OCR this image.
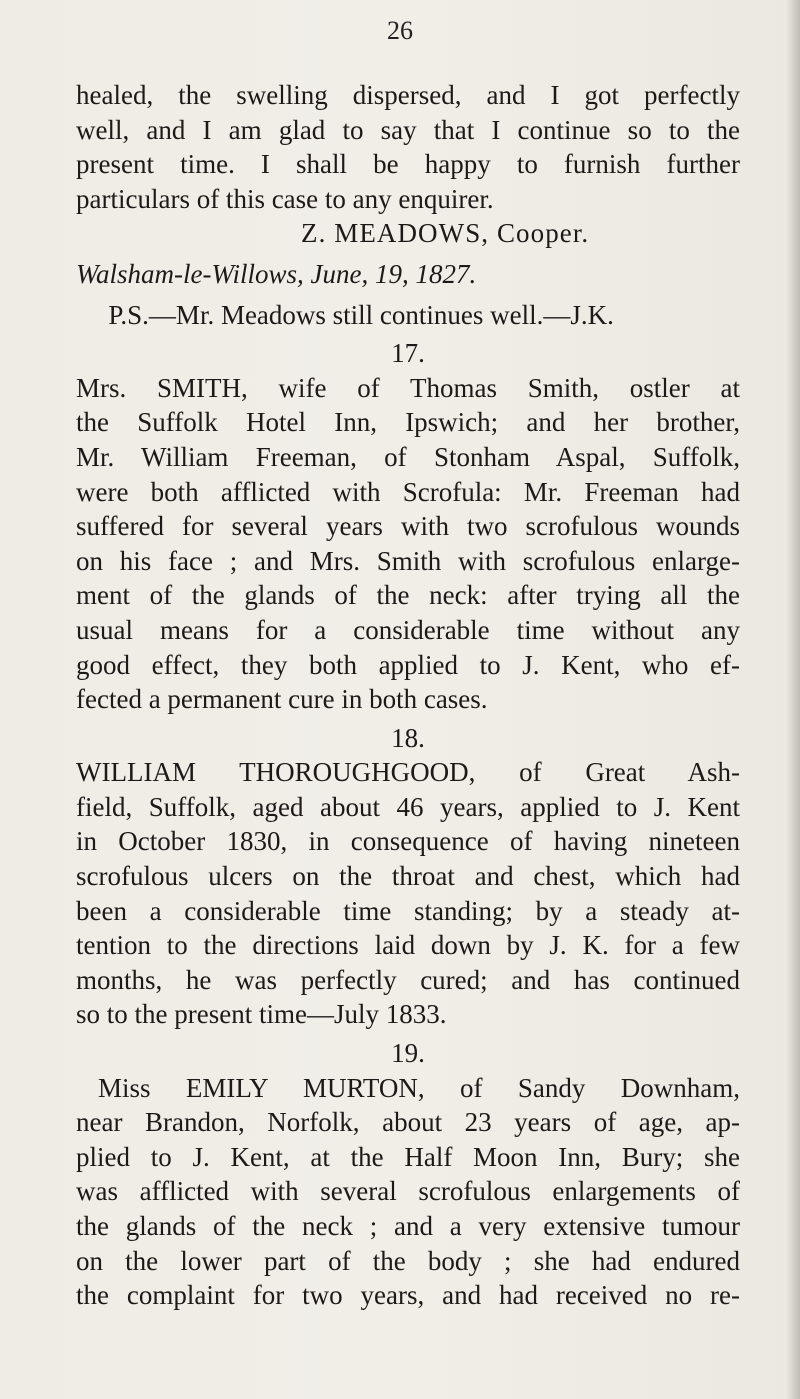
26
healed, the swelling dispersed, and I got perfectly
well, and I am glad to say that I continue so to the
present time. I shall be happy to furnish further
particulars of this case to any enquirer.
Z. MEADOWS, Cooper.
Walsham-le-Willows, June, 19, 1827.
P.S.—Mr. Meadows still continues well.—J.K.
17.
Mrs. SMITH, wife of Thomas Smith, ostler at
the Suffolk Hotel Inn, Ipswich; and her brother,
Mr. William Freeman, of Stonham Aspal, Suffolk,
were both afflicted with Scrofula: Mr. Freeman had
suffered for several years with two scrofulous wounds
on his face ; and Mrs. Smith with scrofulous enlarge-
ment of the glands of the neck: after trying all the
usual means for a considerable time without any
good effect, they both applied to J. Kent, who ef-
fected a permanent cure in both cases.
18.
WILLIAM THOROUGHGOOD, of Great Ash-
field, Suffolk, aged about 46 years, applied to J. Kent
in October 1830, in consequence of having nineteen
scrofulous ulcers on the throat and chest, which had
been a considerable time standing; by a steady at-
tention to the directions laid down by J. K. for a few
months, he was perfectly cured; and has continued
so to the present time—July 1833.
19.
Miss EMILY MURTON, of Sandy Downham,
near Brandon, Norfolk, about 23 years of age, ap-
plied to J. Kent, at the Half Moon Inn, Bury; she
was afflicted with several scrofulous enlargements of
the glands of the neck ; and a very extensive tumour
on the lower part of the body ; she had endured
the complaint for two years, and had received no re-
